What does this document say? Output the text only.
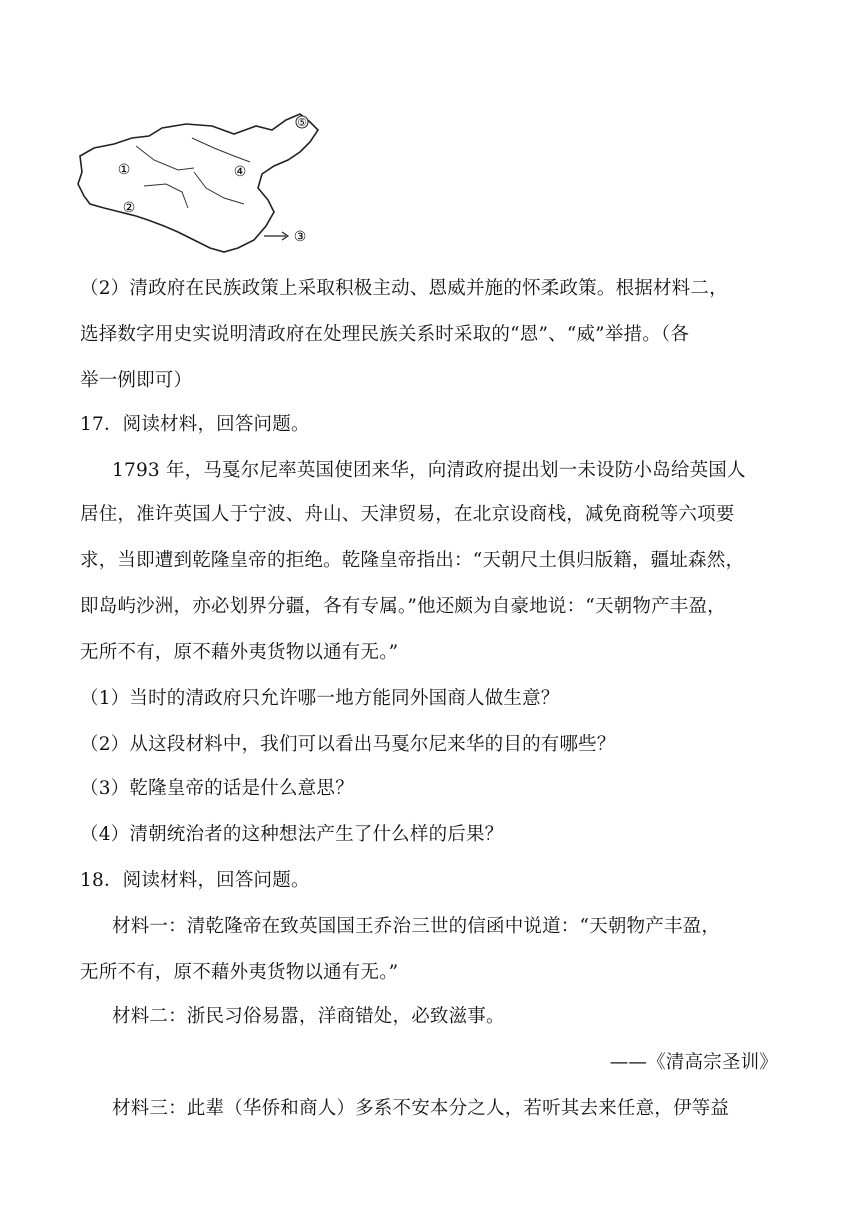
⑤
①
②
④
③
（2）清政府在民族政策上采取积极主动、恩威并施的怀柔政策。根据材料二，
选择数字用史实说明清政府在处理民族关系时采取的“恩”、“威”举措。（各
举一例即可）
17．阅读材料，回答问题。
1793 年，马戛尔尼率英国使团来华，向清政府提出划一未设防小岛给英国人
居住，准许英国人于宁波、舟山、天津贸易，在北京设商栈，减免商税等六项要
求，当即遭到乾隆皇帝的拒绝。乾隆皇帝指出：“天朝尺土俱归版籍，疆址森然，
即岛屿沙洲，亦必划界分疆，各有专属。”他还颇为自豪地说：“天朝物产丰盈，
无所不有，原不藉外夷货物以通有无。”
（1）当时的清政府只允许哪一地方能同外国商人做生意？
（2）从这段材料中，我们可以看出马戛尔尼来华的目的有哪些？
（3）乾隆皇帝的话是什么意思？
（4）清朝统治者的这种想法产生了什么样的后果？
18．阅读材料，回答问题。
材料一：清乾隆帝在致英国国王乔治三世的信函中说道：“天朝物产丰盈，
无所不有，原不藉外夷货物以通有无。”
材料二：浙民习俗易嚣，洋商错处，必致滋事。
——《清高宗圣训》
材料三：此辈（华侨和商人）多系不安本分之人，若听其去来任意，伊等益
